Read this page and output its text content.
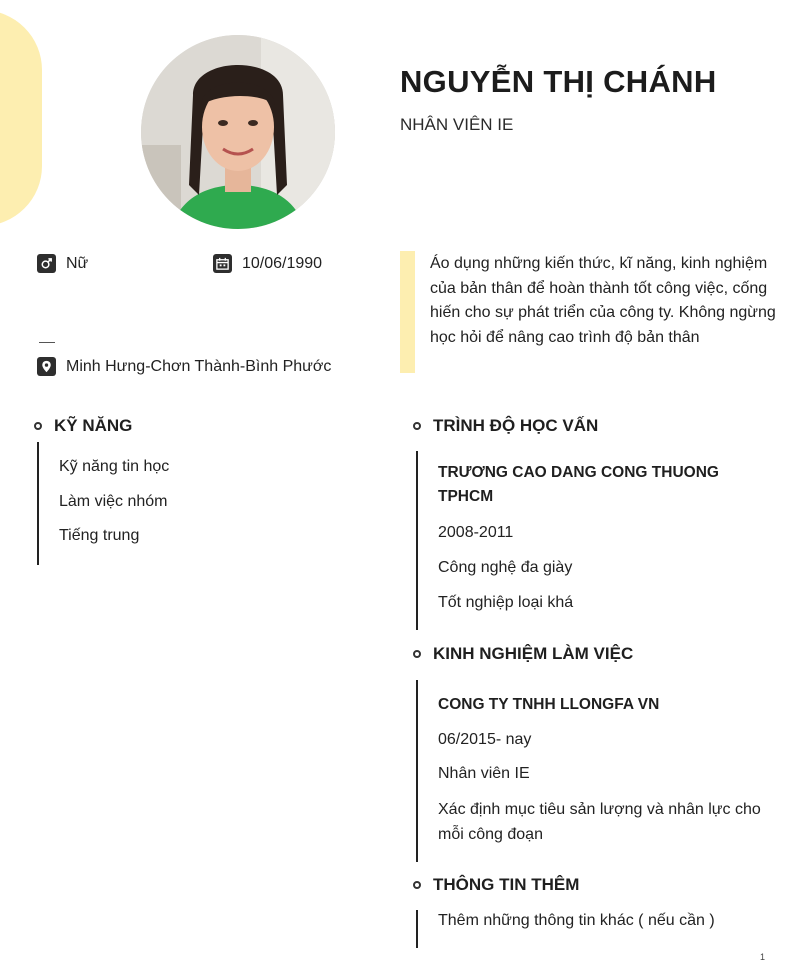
NGUYỄN THỊ CHÁNH
NHÂN VIÊN IE
Nữ	10/06/1990
Minh Hưng-Chơn Thành-Bình Phước
Áo dụng những kiến thức, kĩ năng, kinh nghiệm của bản thân để hoàn thành tốt công việc, cống hiến cho sự phát triển của công ty. Không ngừng học hỏi để nâng cao trình độ bản thân
KỸ NĂNG
Kỹ năng tin học
Làm việc nhóm
Tiếng trung
TRÌNH ĐỘ HỌC VẤN
TRƯƠNG CAO DANG CONG THUONG TPHCM
2008-2011
Công nghệ đa giày
Tốt nghiệp loại khá
KINH NGHIỆM LÀM VIỆC
CONG TY TNHH LLONGFA VN
06/2015- nay
Nhân viên IE
Xác định mục tiêu sản lượng và nhân lực cho mỗi công đoạn
THÔNG TIN THÊM
Thêm những thông tin khác ( nếu cần )
1
